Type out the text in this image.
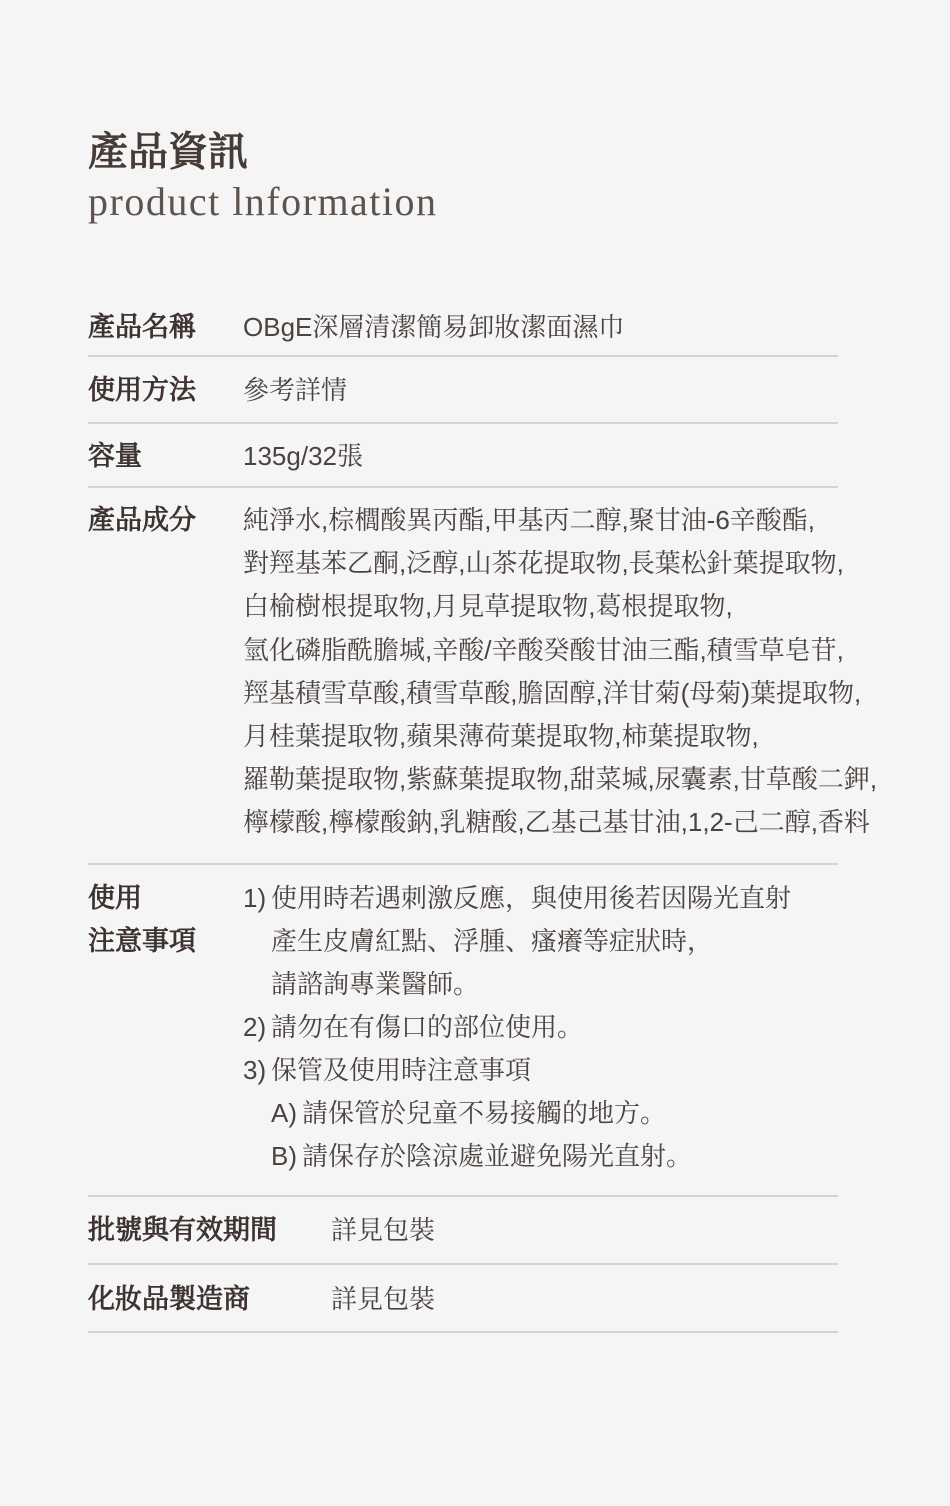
產品資訊
product lnformation
產品名稱 OBgE深層清潔簡易卸妝潔面濕巾
使用方法 參考詳情
容量	135g/32張
產品成分 純淨水,棕櫚酸異丙酯,甲基丙二醇,聚甘油-6辛酸酯,
對羥基苯乙酮,泛醇,山茶花提取物,長葉松針葉提取物,
白榆樹根提取物,月見草提取物,葛根提取物,
氫化磷脂酰膽堿,辛酸/辛酸癸酸甘油三酯,積雪草皂苷,
羥基積雪草酸,積雪草酸,膽固醇,洋甘菊(母菊)葉提取物,
月桂葉提取物,蘋果薄荷葉提取物,柿葉提取物,
羅勒葉提取物,紫蘇葉提取物,甜菜堿,尿囊素,甘草酸二鉀,
檸檬酸,檸檬酸鈉,乳糖酸,乙基己基甘油,1,2-己二醇,香料
使用
注意事項
1) 使用時若遇刺激反應，與使用後若因陽光直射
產生皮膚紅點、浮腫、瘙癢等症狀時，
請諮詢專業醫師。
2) 請勿在有傷口的部位使用。
3) 保管及使用時注意事項
A) 請保管於兒童不易接觸的地方。
B) 請保存於陰涼處並避免陽光直射。
批號與有效期間 詳見包裝
化妝品製造商	詳見包裝
